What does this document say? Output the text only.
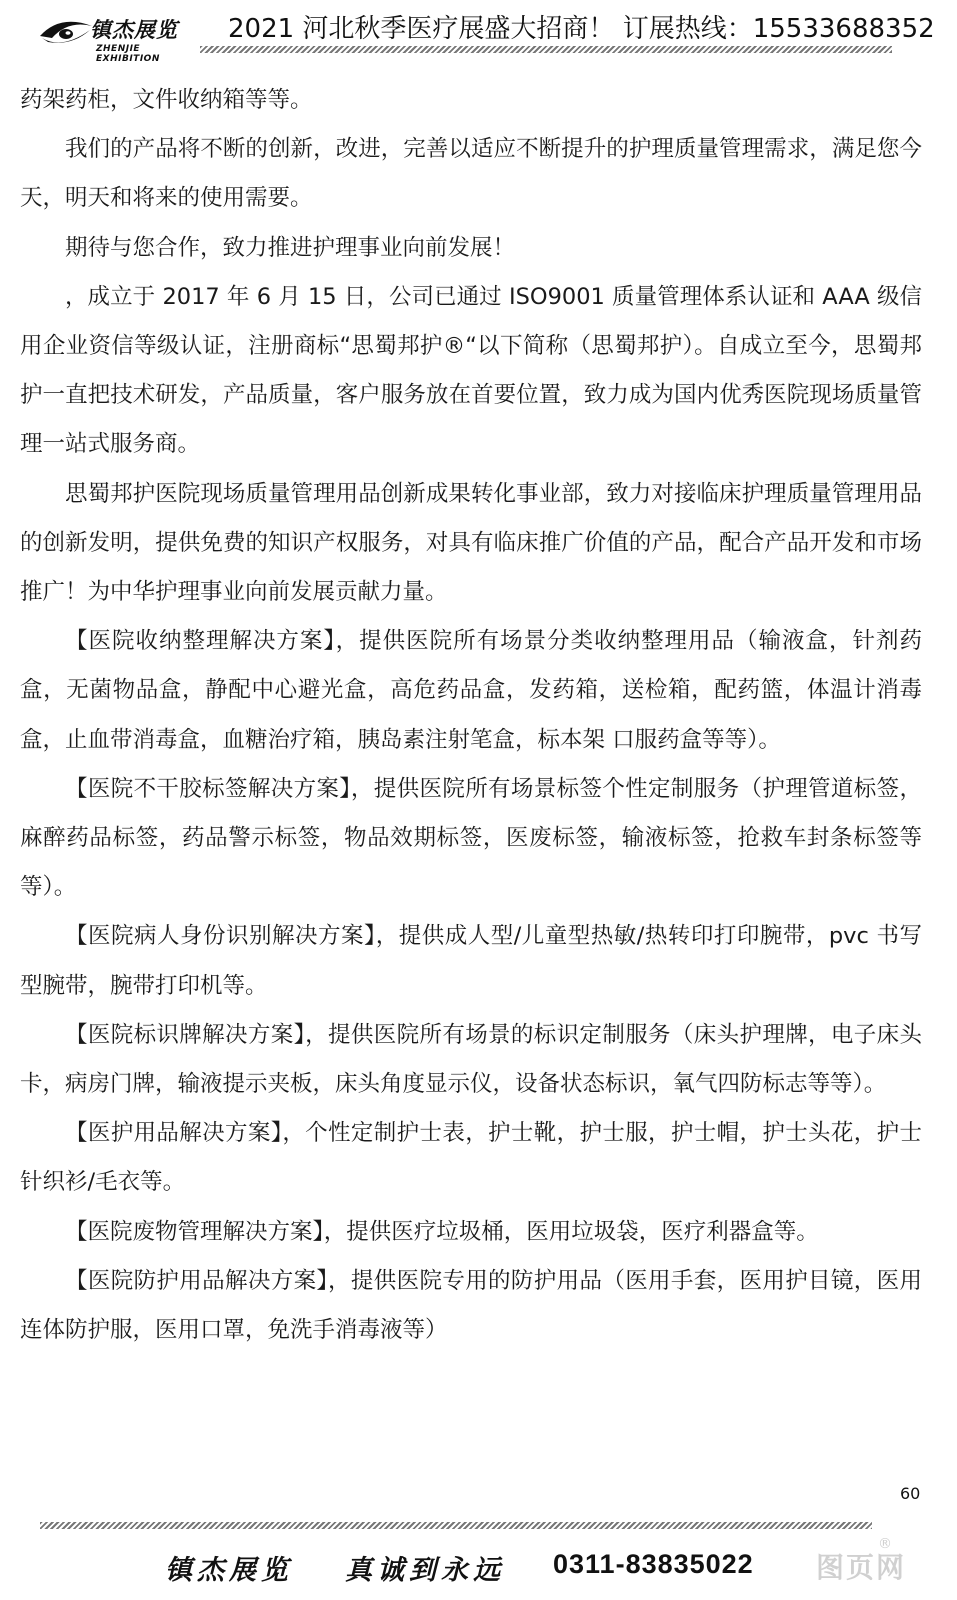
镇杰展览
ZHENJIE EXHIBITION
2021 河北秋季医疗展盛大招商！ 订展热线：15533688352

药架药柜，文件收纳箱等等。

我们的产品将不断的创新，改进，完善以适应不断提升的护理质量管理需求，满足您今天，明天和将来的使用需要。

期待与您合作，致力推进护理事业向前发展！

，成立于 2017 年 6 月 15 日，公司已通过 ISO9001 质量管理体系认证和 AAA 级信用企业资信等级认证，注册商标“思蜀邦护®“以下简称（思蜀邦护）。自成立至今，思蜀邦护一直把技术研发，产品质量，客户服务放在首要位置，致力成为国内优秀医院现场质量管理一站式服务商。

思蜀邦护医院现场质量管理用品创新成果转化事业部，致力对接临床护理质量管理用品的创新发明，提供免费的知识产权服务，对具有临床推广价值的产品，配合产品开发和市场推广！为中华护理事业向前发展贡献力量。

【医院收纳整理解决方案】，提供医院所有场景分类收纳整理用品（输液盒，针剂药盒，无菌物品盒，静配中心避光盒，高危药品盒，发药箱，送检箱，配药篮，体温计消毒盒，止血带消毒盒，血糖治疗箱，胰岛素注射笔盒，标本架 口服药盒等等）。

【医院不干胶标签解决方案】，提供医院所有场景标签个性定制服务（护理管道标签，麻醉药品标签，药品警示标签，物品效期标签，医废标签，输液标签，抢救车封条标签等等）。

【医院病人身份识别解决方案】，提供成人型/儿童型热敏/热转印打印腕带，pvc 书写型腕带，腕带打印机等。

【医院标识牌解决方案】，提供医院所有场景的标识定制服务（床头护理牌，电子床头卡，病房门牌，输液提示夹板，床头角度显示仪，设备状态标识，氧气四防标志等等）。

【医护用品解决方案】，个性定制护士表，护士靴，护士服，护士帽，护士头花，护士针织衫/毛衣等。

【医院废物管理解决方案】，提供医疗垃圾桶，医用垃圾袋，医疗利器盒等。

【医院防护用品解决方案】，提供医院专用的防护用品（医用手套，医用护目镜，医用连体防护服，医用口罩，免洗手消毒液等）

60
镇杰展览 真诚到永远 0311-83835022 图页网
®
